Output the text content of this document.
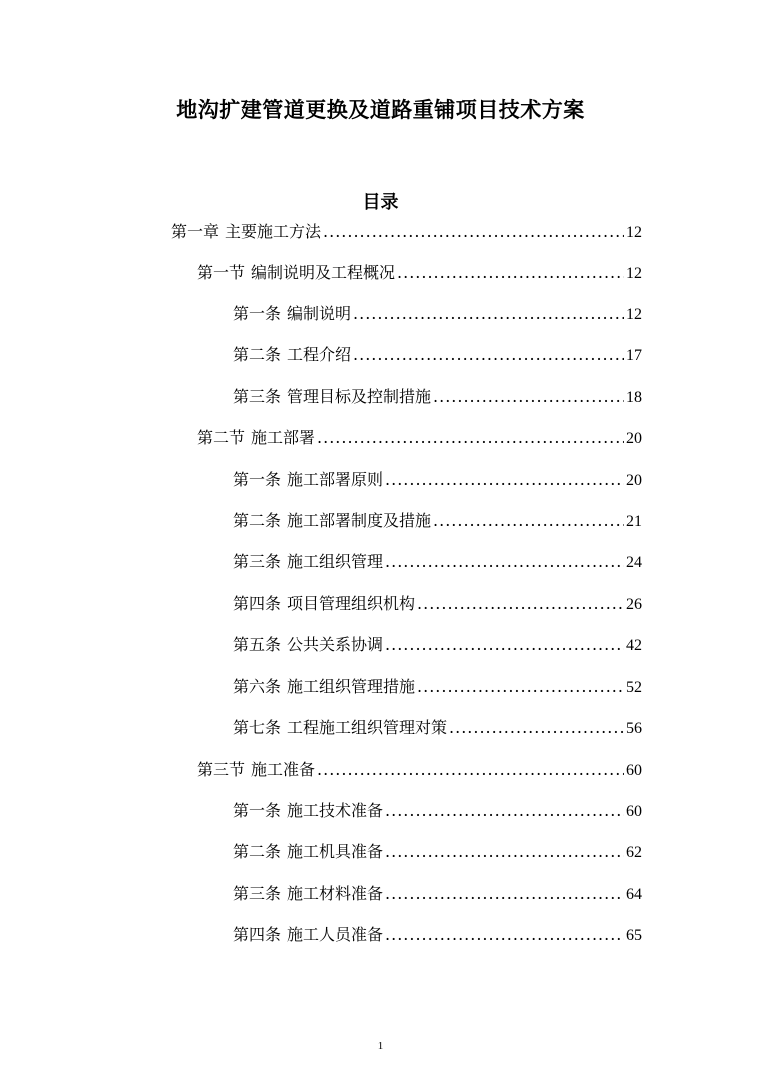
地沟扩建管道更换及道路重铺项目技术方案
目录
第一章 主要施工方法 .....	12
第一节 编制说明及工程概况 .....	12
第一条 编制说明 .....	12
第二条 工程介绍 .....	17
第三条 管理目标及控制措施 .....	18
第二节 施工部署 .....	20
第一条 施工部署原则 .....	20
第二条 施工部署制度及措施 .....	21
第三条 施工组织管理 .....	24
第四条 项目管理组织机构 .....	26
第五条 公共关系协调 .....	42
第六条 施工组织管理措施 .....	52
第七条 工程施工组织管理对策 .....	56
第三节 施工准备 .....	60
第一条 施工技术准备 .....	60
第二条 施工机具准备 .....	62
第三条 施工材料准备 .....	64
第四条 施工人员准备 .....	65
1
